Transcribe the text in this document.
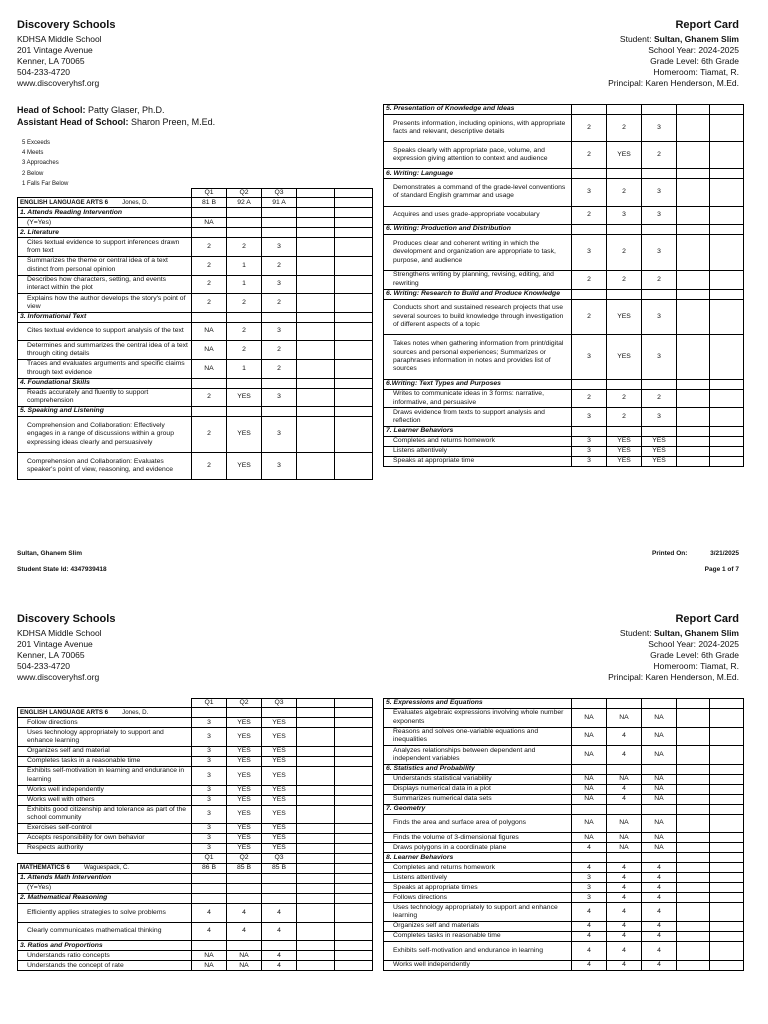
Discovery Schools
KDHSA Middle School
201 Vintage Avenue
Kenner, LA 70065
504-233-4720
www.discoveryhsf.org
Report Card
Student: Sultan, Ghanem Slim
School Year: 2024-2025
Grade Level: 6th Grade
Homeroom: Tiamat, R.
Principal: Karen Henderson, M.Ed.
Head of School: Patty Glaser, Ph.D.
Assistant Head of School: Sharon Preen, M.Ed.
5 Exceeds
4 Meets
3 Approaches
2 Below
1 Falls Far Below
	Q1	Q2	Q3		
ENGLISH LANGUAGE ARTS 6 Jones, D.	81 B	92 A	91 A		
1. Attends Reading Intervention					
(Y=Yes)	NA				
2. Literature					
Cites textual evidence to support inferences drawn from text	2	2	3		
Summarizes the theme or central idea of a text distinct from personal opinion	2	1	2		
Describes how characters, setting, and events interact within the plot	2	1	3		
Explains how the author develops the story's point of view	2	2	2		
3. Informational Text					
Cites textual evidence to support analysis of the text	NA	2	3		
Determines and summarizes the central idea of a text through citing details	NA	2	2		
Traces and evaluates arguments and specific claims through text evidence	NA	1	2		
4. Foundational Skills					
Reads accurately and fluently to support comprehension	2	YES	3		
5. Speaking and Listening					
Comprehension and Collaboration: Effectively engages in a range of discussions within a group expressing ideas clearly and persuasively	2	YES	3		
Comprehension and Collaboration: Evaluates speaker's point of view, reasoning, and evidence	2	YES	3		
5. Presentation of Knowledge and Ideas					
Presents information, including opinions, with appropriate facts and relevant, descriptive details	2	2	3		
Speaks clearly with appropriate pace, volume, and expression giving attention to context and audience	2	YES	2		
6. Writing: Language					
Demonstrates a command of the grade-level conventions of standard English grammar and usage	3	2	3		
Acquires and uses grade-appropriate vocabulary	2	3	3		
6. Writing: Production and Distribution					
Produces clear and coherent writing in which the development and organization are appropriate to task, purpose, and audience	3	2	3		
Strengthens writing by planning, revising, editing, and rewriting	2	2	2		
6. Writing: Research to Build and Produce Knowledge					
Conducts short and sustained research projects that use several sources to build knowledge through investigation of different aspects of a topic	2	YES	3		
Takes notes when gathering information from print/digital sources and personal experiences; Summarizes or paraphrases information in notes and provides list of sources	3	YES	3		
6.Writing: Text Types and Purposes					
Writes to communicate ideas in 3 forms: narrative, informative, and persuasive	2	2	2		
Draws evidence from texts to support analysis and reflection	3	2	3		
7. Learner Behaviors					
Completes and returns homework	3	YES	YES		
Listens attentively	3	YES	YES		
Speaks at appropriate time	3	YES	YES		
Sultan, Ghanem Slim
Student State Id: 4347939418
Printed On:	3/21/2025
Page 1 of 7
Discovery Schools
KDHSA Middle School
201 Vintage Avenue
Kenner, LA 70065
504-233-4720
www.discoveryhsf.org
Report Card
Student: Sultan, Ghanem Slim
School Year: 2024-2025
Grade Level: 6th Grade
Homeroom: Tiamat, R.
Principal: Karen Henderson, M.Ed.
	Q1	Q2	Q3		
ENGLISH LANGUAGE ARTS 6 Jones, D.					
Follow directions	3	YES	YES		
Uses technology appropriately to support and enhance learning	3	YES	YES		
Organizes self and material	3	YES	YES		
Completes tasks in a reasonable time	3	YES	YES		
Exhibits self-motivation in learning and endurance in learning	3	YES	YES		
Works well independently	3	YES	YES		
Works well with others	3	YES	YES		
Exhibits good citizenship and tolerance as part of the school community	3	YES	YES		
Exercises self-control	3	YES	YES		
Accepts responsibility for own behavior	3	YES	YES		
Respects authority	3	YES	YES		
	Q1	Q2	Q3		
MATHEMATICS 6 Waguespack, C.	86 B	85 B	85 B		
1. Attends Math Intervention					
(Y=Yes)					
2. Mathematical Reasoning					
Efficiently applies strategies to solve problems	4	4	4		
Clearly communicates mathematical thinking	4	4	4		
3. Ratios and Proportions					
Understands ratio concepts	NA	NA	4		
Understands the concept of rate	NA	NA	4		
5. Expressions and Equations					
Evaluates algebraic expressions involving whole number exponents	NA	NA	NA		
Reasons and solves one-variable equations and inequalities	NA	4	NA		
Analyzes relationships between dependent and independent variables	NA	4	NA		
6. Statistics and Probability					
Understands statistical variability	NA	NA	NA		
Displays numerical data in a plot	NA	4	NA		
Summarizes numerical data sets	NA	4	NA		
7. Geometry					
Finds the area and surface area of polygons	NA	NA	NA		
Finds the volume of 3-dimensional figures	NA	NA	NA		
Draws polygons in a coordinate plane	4	NA	NA		
8. Learner Behaviors					
Completes and returns homework	4	4	4		
Listens attentively	3	4	4		
Speaks at appropriate times	3	4	4		
Follows directions	3	4	4		
Uses technology appropriately to support and enhance learning	4	4	4		
Organizes self and materials	4	4	4		
Completes tasks in reasonable time	4	4	4		
Exhibits self-motivation and endurance in learning	4	4	4		
Works well independently	4	4	4		
